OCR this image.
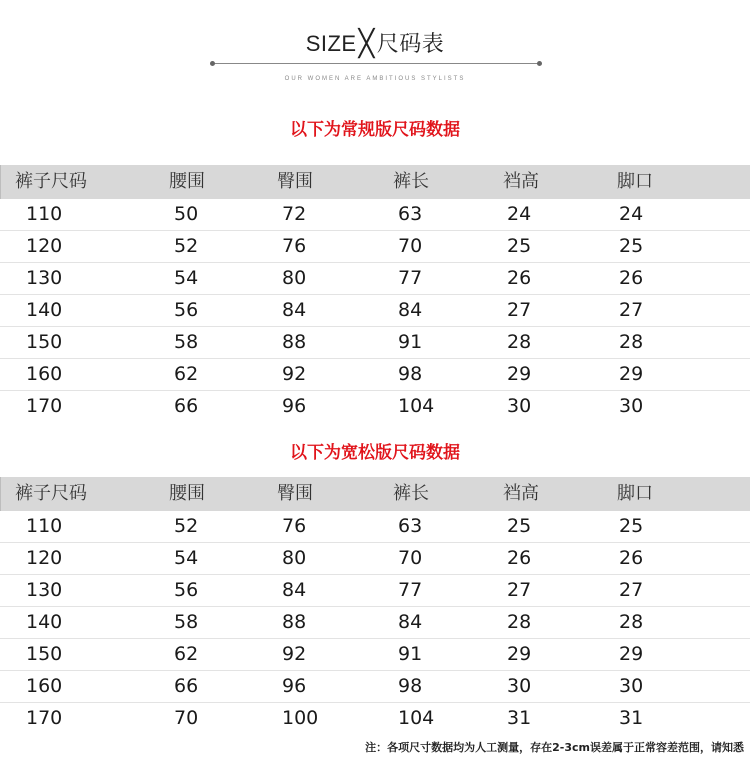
SIZE╳尺码表
OUR WOMEN ARE AMBITIOUS STYLISTS
以下为常规版尺码数据
裤子尺码	腰围	臀围	裤长	裆高	脚口
110	50	72	63	24	24
120	52	76	70	25	25
130	54	80	77	26	26
140	56	84	84	27	27
150	58	88	91	28	28
160	62	92	98	29	29
170	66	96	104	30	30
以下为宽松版尺码数据
裤子尺码	腰围	臀围	裤长	裆高	脚口
110	52	76	63	25	25
120	54	80	70	26	26
130	56	84	77	27	27
140	58	88	84	28	28
150	62	92	91	29	29
160	66	96	98	30	30
170	70	100	104	31	31
注：各项尺寸数据均为人工测量，存在2-3cm误差属于正常容差范围，请知悉
